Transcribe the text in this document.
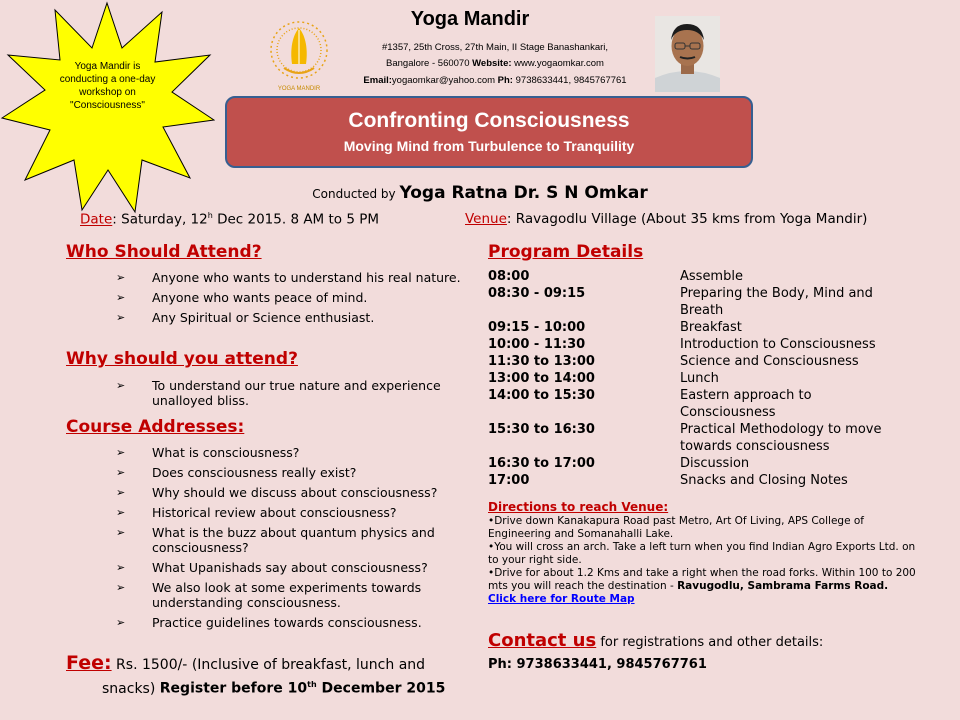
Yoga Mandir is conducting a one-day workshop on "Consciousness"
YOGA MANDIR
Yoga Mandir
#1357, 25th Cross, 27th Main, II Stage Banashankari,
Bangalore - 560070 Website: www.yogaomkar.com
Email:yogaomkar@yahoo.com Ph: 9738633441, 9845767761
Confronting Consciousness
Moving Mind from Turbulence to Tranquility
Conducted by Yoga Ratna Dr. S N Omkar
Date: Saturday, 12$^h$ Dec 2015. 8 AM to 5 PM	Venue: Ravagodlu Village (About 35 kms from Yoga Mandir)
Who Should Attend?
➢ Anyone who wants to understand his real nature.
➢ Anyone who wants peace of mind.
➢ Any Spiritual or Science enthusiast.
Why should you attend?
➢ To understand our true nature and experience unalloyed bliss.
Course Addresses:
➢ What is consciousness?
➢ Does consciousness really exist?
➢ Why should we discuss about consciousness?
➢ Historical review about consciousness?
➢ What is the buzz about quantum physics and consciousness?
➢ What Upanishads say about consciousness?
➢ We also look at some experiments towards understanding consciousness.
➢ Practice guidelines towards consciousness.
Fee: Rs. 1500/- (Inclusive of breakfast, lunch and
snacks) Register before 10th December 2015
Program Details
08:00	Assemble
08:30 - 09:15	Preparing the Body, Mind and Breath
09:15 - 10:00	Breakfast
10:00 - 11:30	Introduction to Consciousness
11:30 to 13:00	Science and Consciousness
13:00 to 14:00	Lunch
14:00 to 15:30	Eastern approach to Consciousness
15:30 to 16:30	Practical Methodology to move towards consciousness
16:30 to 17:00	Discussion
17:00	Snacks and Closing Notes
Directions to reach Venue:

•Drive down Kanakapura Road past Metro, Art Of Living, APS College of Engineering and Somanahalli Lake.

•You will cross an arch. Take a left turn when you find Indian Agro Exports Ltd. on to your right side.

•Drive for about 1.2 Kms and take a right when the road forks. Within 100 to 200 mts you will reach the destination - Ravugodlu, Sambrama Farms Road. Click here for Route Map

Contact us for registrations and other details:
Ph: 9738633441, 9845767761
